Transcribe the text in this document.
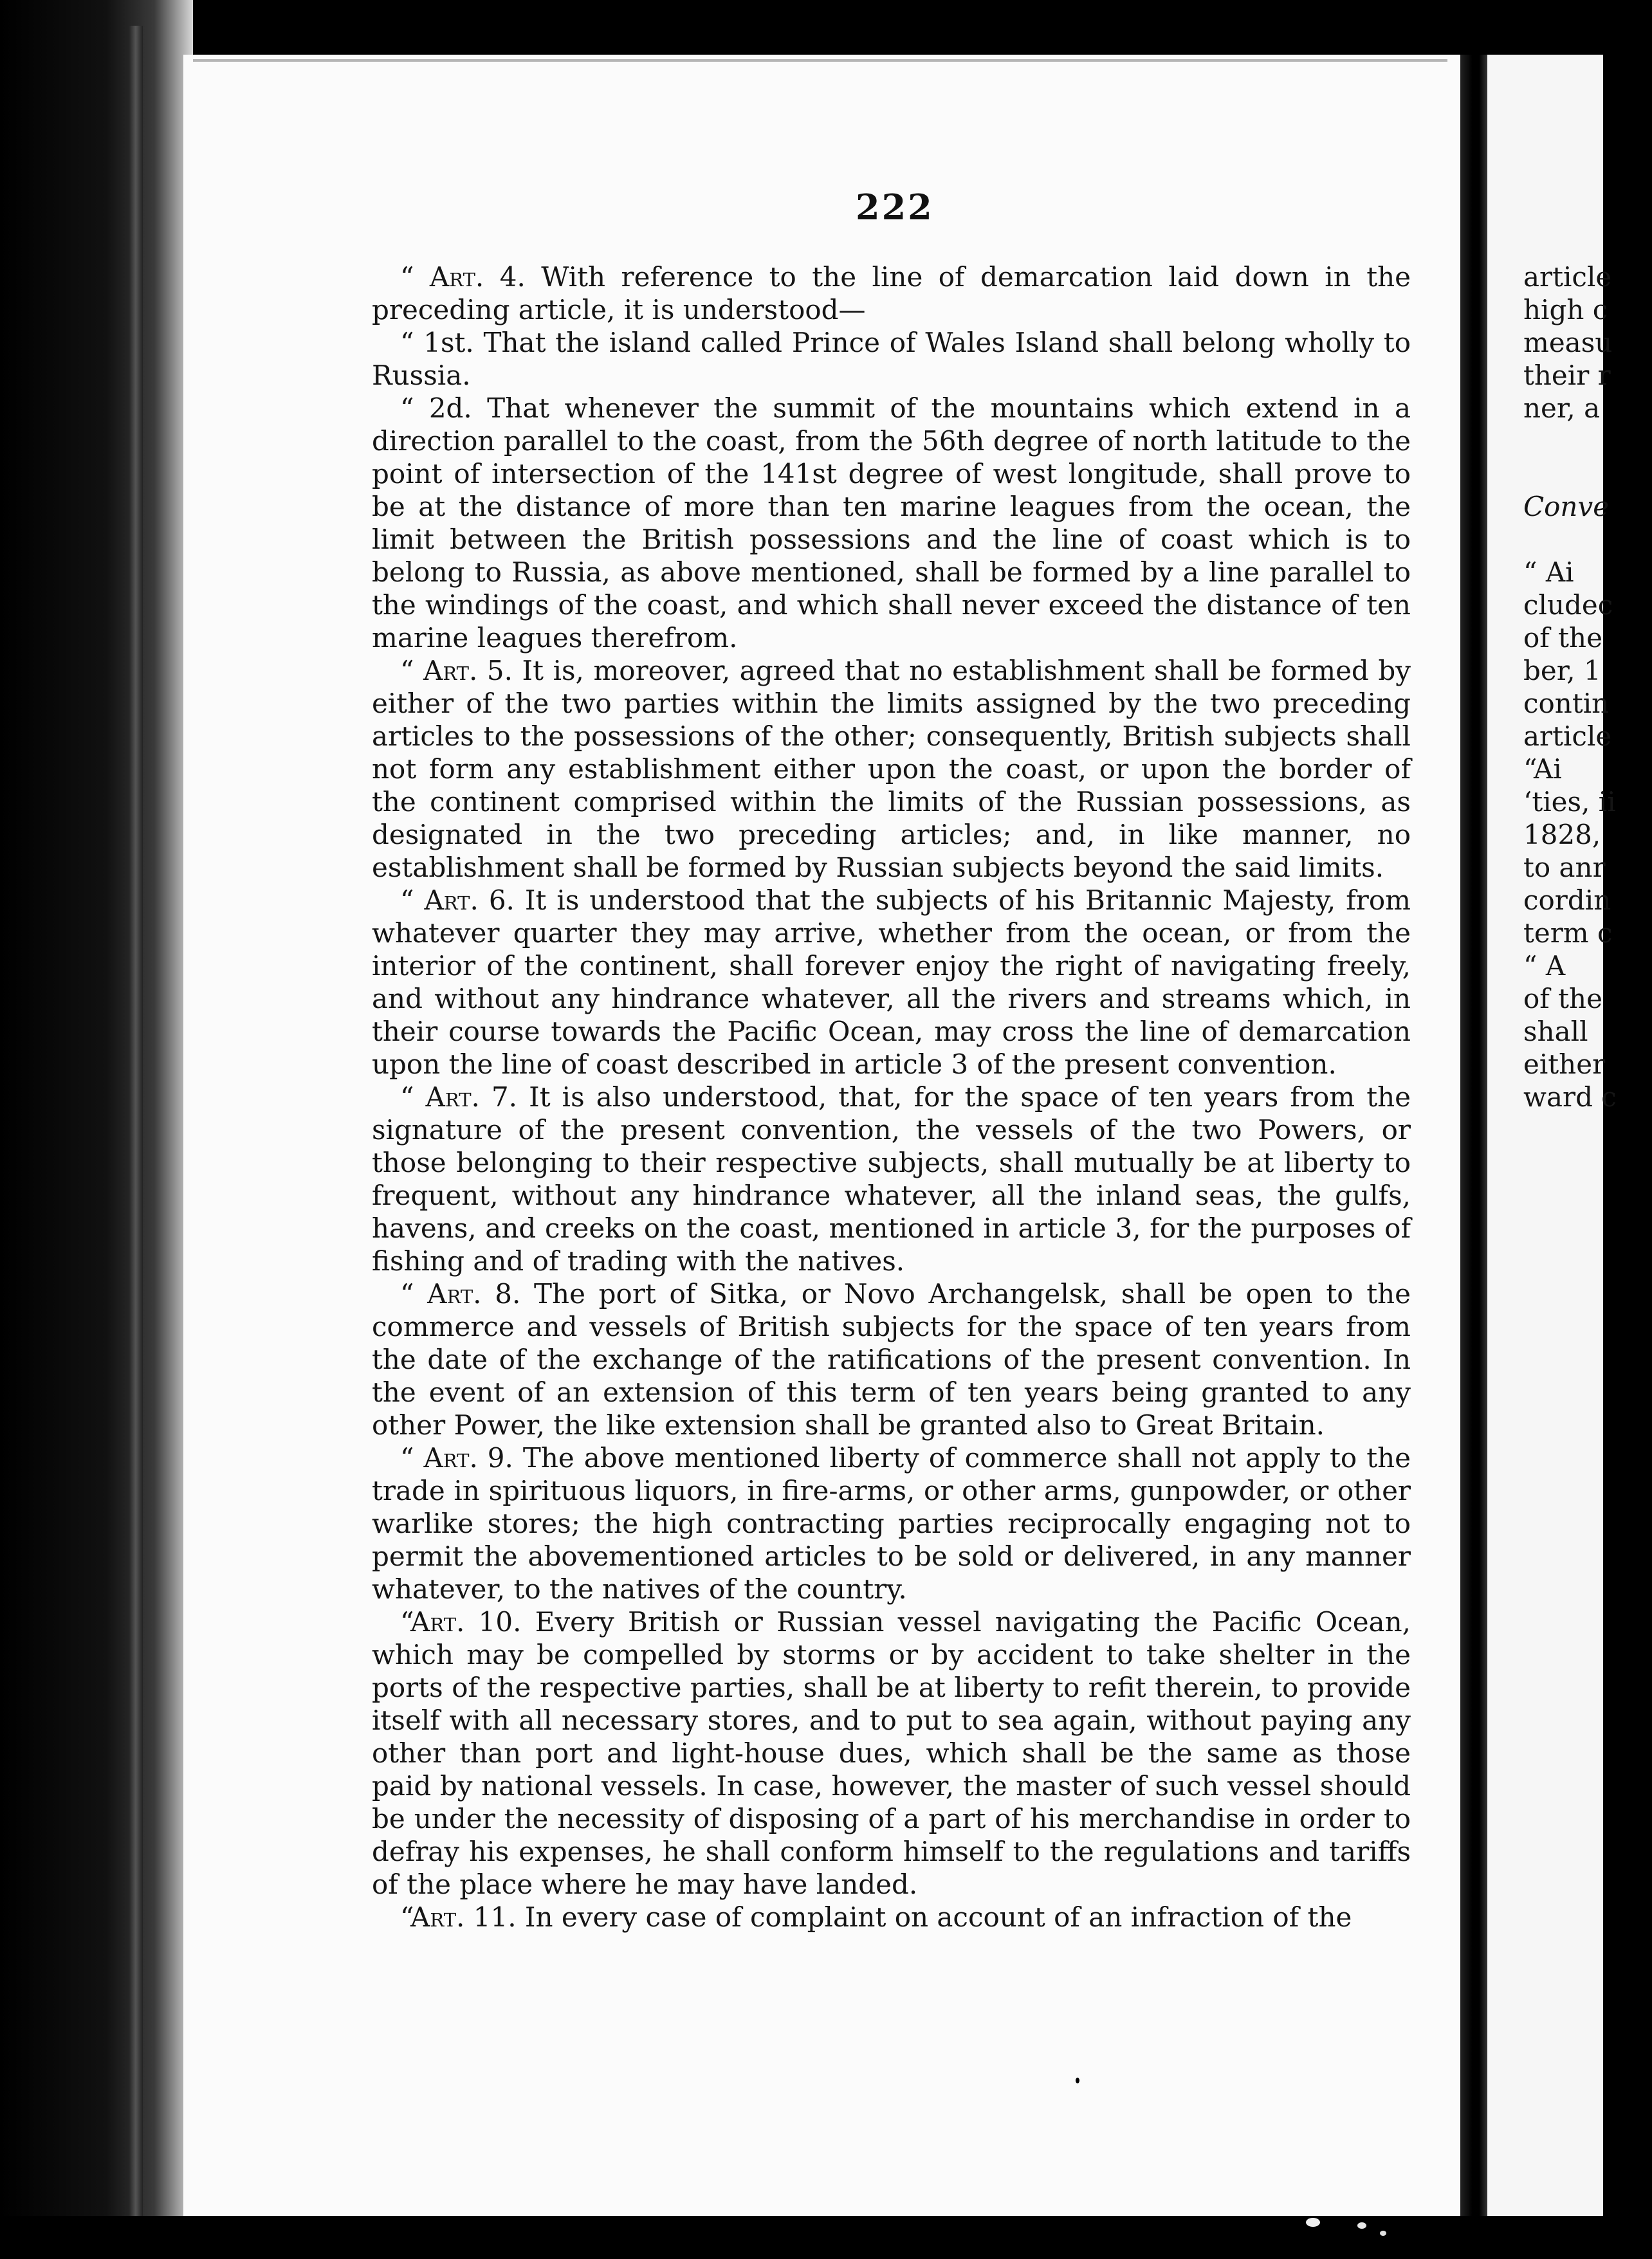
222

“ Art. 4. With reference to the line of demarcation laid down in the preceding article, it is understood—

“ 1st. That the island called Prince of Wales Island shall belong wholly to Russia.

“ 2d. That whenever the summit of the mountains which extend in a direction parallel to the coast, from the 56th degree of north latitude to the point of intersection of the 141st degree of west longitude, shall prove to be at the distance of more than ten marine leagues from the ocean, the limit between the British possessions and the line of coast which is to belong to Russia, as above mentioned, shall be formed by a line parallel to the windings of the coast, and which shall never exceed the distance of ten marine leagues therefrom.

“ Art. 5. It is, moreover, agreed that no establishment shall be formed by either of the two parties within the limits assigned by the two preceding articles to the possessions of the other; consequently, British subjects shall not form any establishment either upon the coast, or upon the border of the continent comprised within the limits of the Russian possessions, as designated in the two preceding articles; and, in like manner, no establishment shall be formed by Russian subjects beyond the said limits.

“ Art. 6. It is understood that the subjects of his Britannic Majesty, from whatever quarter they may arrive, whether from the ocean, or from the interior of the continent, shall forever enjoy the right of navigating freely, and without any hindrance whatever, all the rivers and streams which, in their course towards the Pacific Ocean, may cross the line of demarcation upon the line of coast described in article 3 of the present convention.

“ Art. 7. It is also understood, that, for the space of ten years from the signature of the present convention, the vessels of the two Powers, or those belonging to their respective subjects, shall mutually be at liberty to frequent, without any hindrance whatever, all the inland seas, the gulfs, havens, and creeks on the coast, mentioned in article 3, for the purposes of fishing and of trading with the natives.

“ Art. 8. The port of Sitka, or Novo Archangelsk, shall be open to the commerce and vessels of British subjects for the space of ten years from the date of the exchange of the ratifications of the present convention. In the event of an extension of this term of ten years being granted to any other Power, the like extension shall be granted also to Great Britain.

“ Art. 9. The above mentioned liberty of commerce shall not apply to the trade in spirituous liquors, in fire-arms, or other arms, gunpowder, or other warlike stores; the high contracting parties reciprocally engaging not to permit the abovementioned articles to be sold or delivered, in any manner whatever, to the natives of the country.

“Art. 10. Every British or Russian vessel navigating the Pacific Ocean, which may be compelled by storms or by accident to take shelter in the ports of the respective parties, shall be at liberty to refit therein, to provide itself with all necessary stores, and to put to sea again, without paying any other than port and light-house dues, which shall be the same as those paid by national vessels. In case, however, the master of such vessel should be under the necessity of disposing of a part of his merchandise in order to defray his expenses, he shall conform himself to the regulations and tariffs of the place where he may have landed.

“Art. 11. In every case of complaint on account of an infraction of the

article
high c
measu
their r
ner, a
Conve
“ Ai
cludec
of the
ber, 1
contin
article
“Ai
‘ties, ii
1828,
to anr
cordin
term c
“ A
of the
shall
either
ward c
